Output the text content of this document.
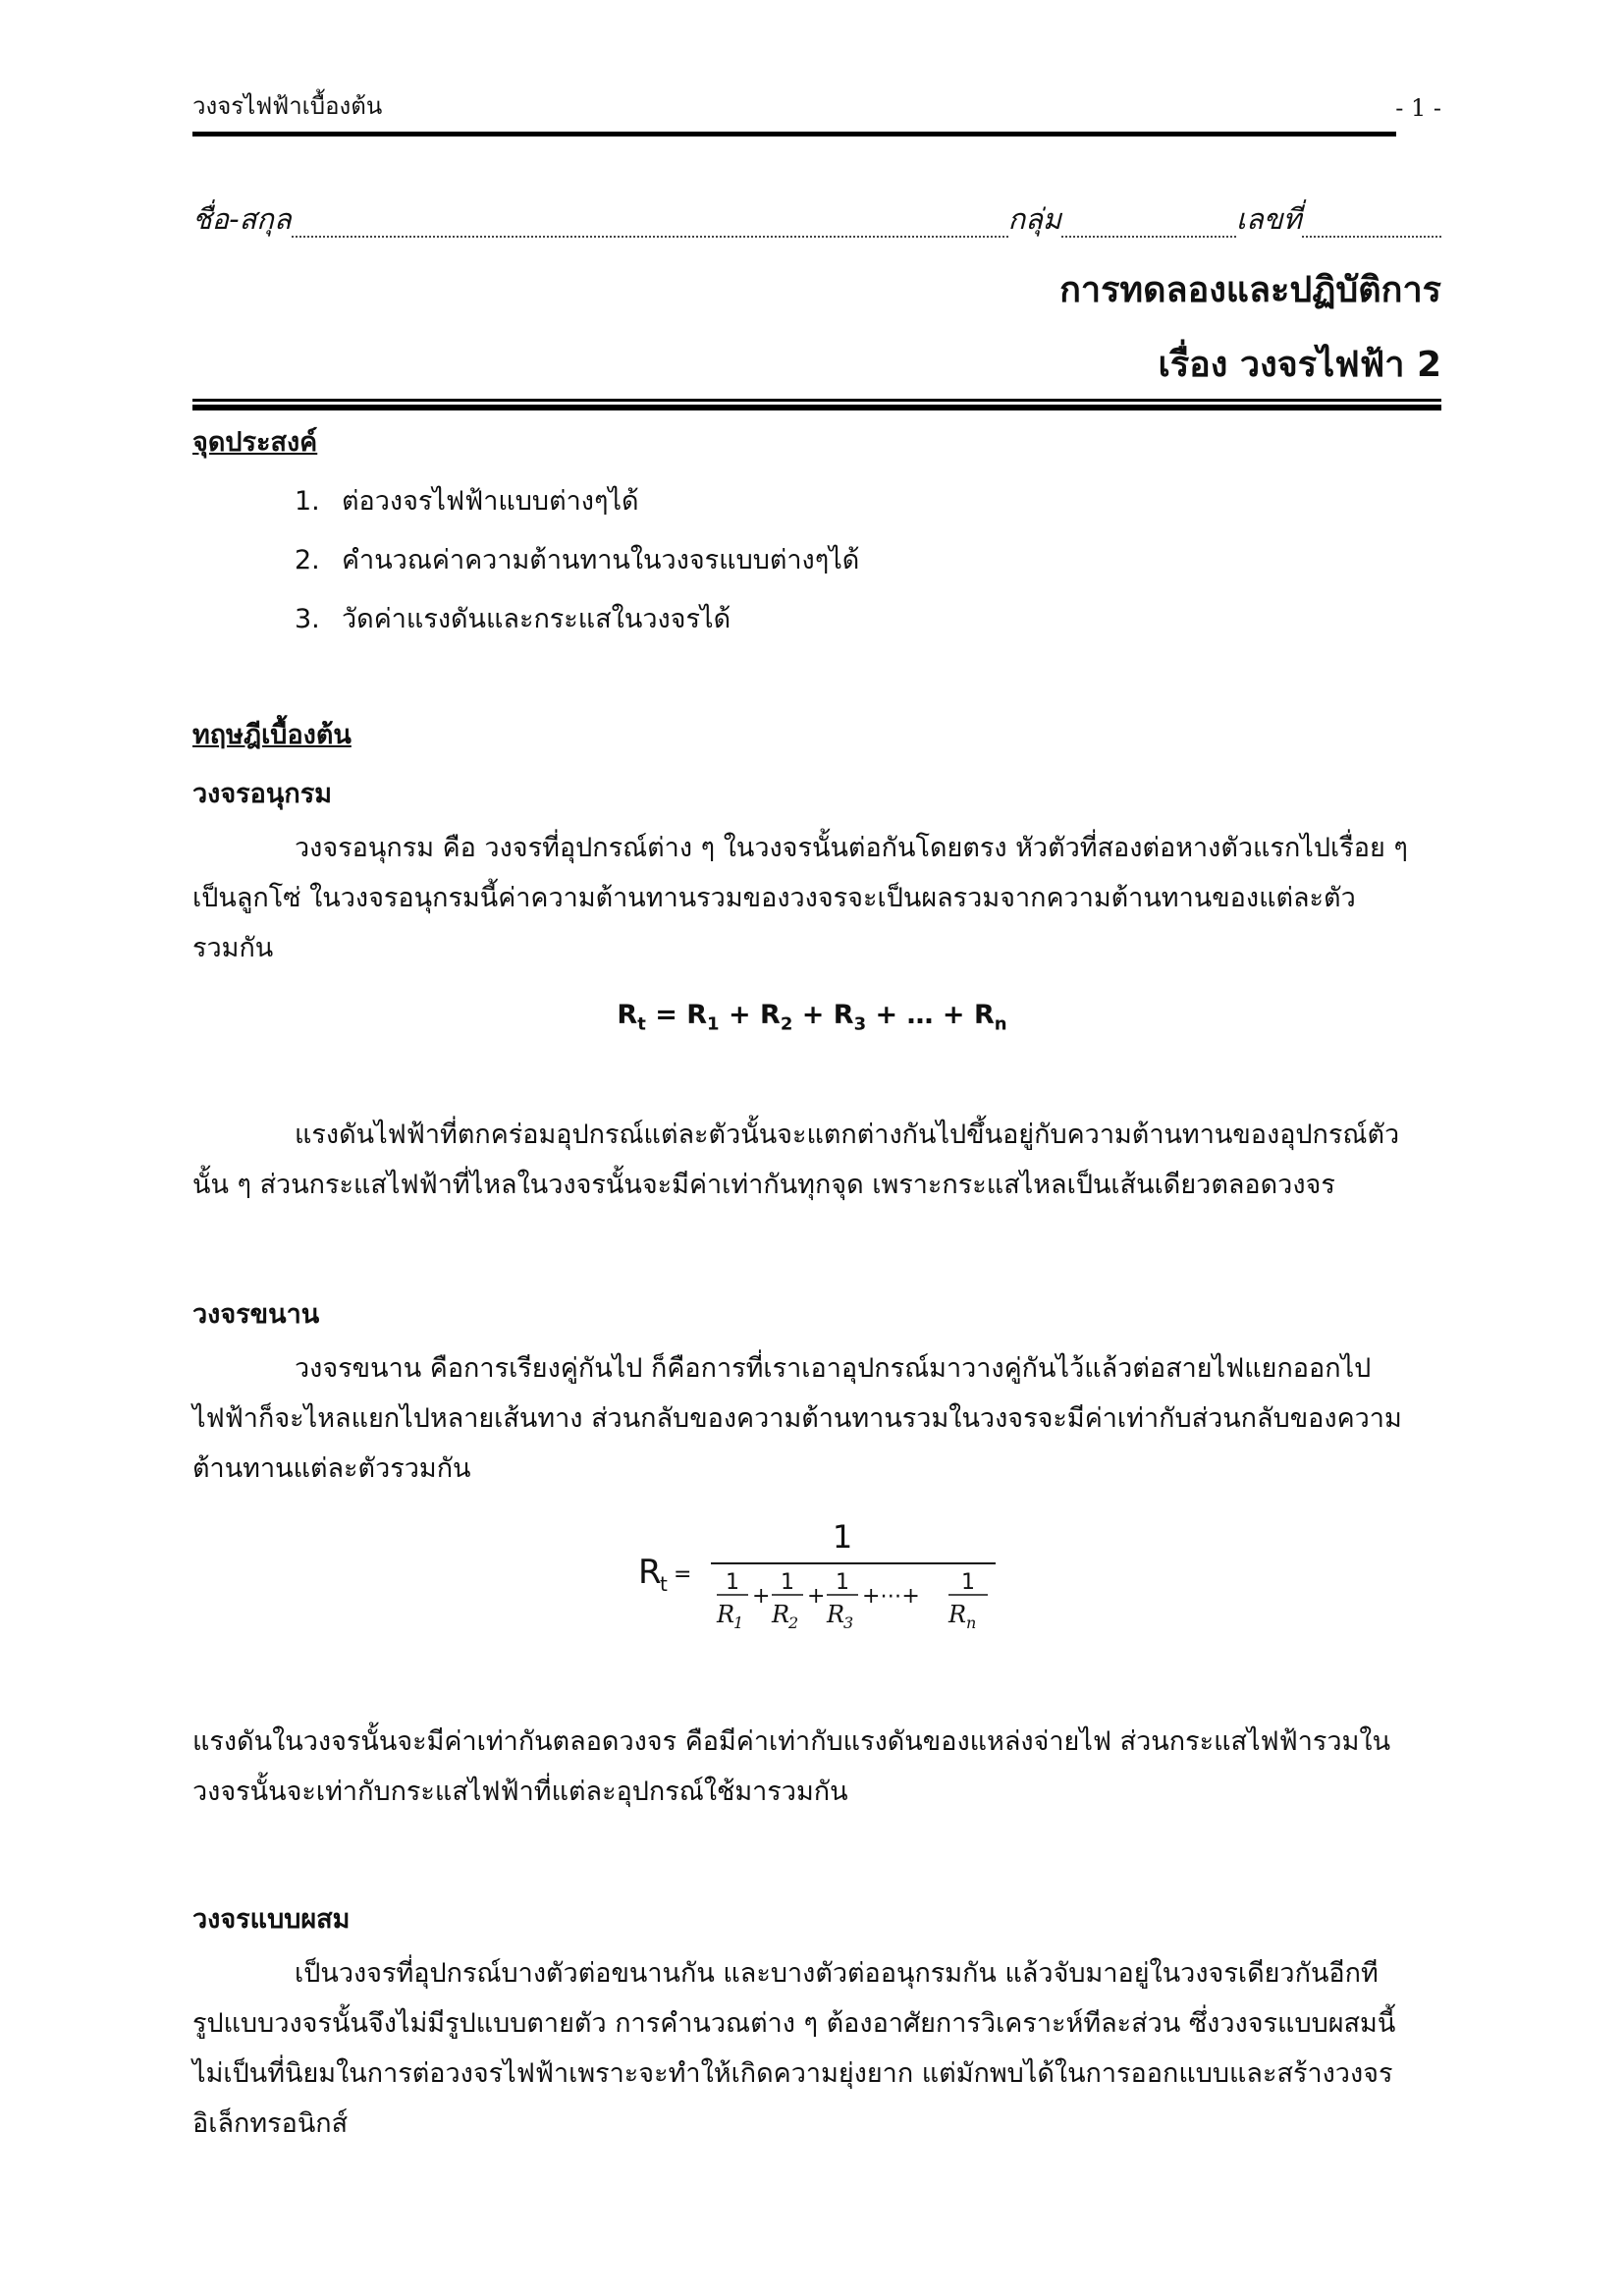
วงจรไฟฟ้าเบื้องต้น	- 1 -
ชื่อ-สกุล	กลุ่ม	เลขที่
การทดลองและปฏิบัติการ
เรื่อง วงจรไฟฟ้า 2
จุดประสงค์
1. ต่อวงจรไฟฟ้าแบบต่างๆได้
2. คำนวณค่าความต้านทานในวงจรแบบต่างๆได้
3. วัดค่าแรงดันและกระแสในวงจรได้
ทฤษฎีเบื้องต้น
วงจรอนุกรม
วงจรอนุกรม คือ วงจรที่อุปกรณ์ต่าง ๆ ในวงจรนั้นต่อกันโดยตรง หัวตัวที่สองต่อหางตัวแรกไปเรื่อย ๆ
เป็นลูกโซ่ ในวงจรอนุกรมนี้ค่าความต้านทานรวมของวงจรจะเป็นผลรวมจากความต้านทานของแต่ละตัว
รวมกัน
$R_t = R_1 + R_2 + R_3$ + … + $R_n$
แรงดันไฟฟ้าที่ตกคร่อมอุปกรณ์แต่ละตัวนั้นจะแตกต่างกันไปขึ้นอยู่กับความต้านทานของอุปกรณ์ตัว
นั้น ๆ ส่วนกระแสไฟฟ้าที่ไหลในวงจรนั้นจะมีค่าเท่ากันทุกจุด เพราะกระแสไหลเป็นเส้นเดียวตลอดวงจร
วงจรขนาน
วงจรขนาน คือการเรียงคู่กันไป ก็คือการที่เราเอาอุปกรณ์มาวางคู่กันไว้แล้วต่อสายไฟแยกออกไป
ไฟฟ้าก็จะไหลแยกไปหลายเส้นทาง ส่วนกลับของความต้านทานรวมในวงจรจะมีค่าเท่ากับส่วนกลับของความ
ต้านทานแต่ละตัวรวมกัน
R
t =
1
1
R
1
+
1
R
2
+
1
R
3
+⋯+
1
R n
แรงดันในวงจรนั้นจะมีค่าเท่ากันตลอดวงจร คือมีค่าเท่ากับแรงดันของแหล่งจ่ายไฟ ส่วนกระแสไฟฟ้ารวมใน
วงจรนั้นจะเท่ากับกระแสไฟฟ้าที่แต่ละอุปกรณ์ใช้มารวมกัน
วงจรแบบผสม
เป็นวงจรที่อุปกรณ์บางตัวต่อขนานกัน และบางตัวต่ออนุกรมกัน แล้วจับมาอยู่ในวงจรเดียวกันอีกที
รูปแบบวงจรนั้นจึงไม่มีรูปแบบตายตัว การคำนวณต่าง ๆ ต้องอาศัยการวิเคราะห์ทีละส่วน ซึ่งวงจรแบบผสมนี้
ไม่เป็นที่นิยมในการต่อวงจรไฟฟ้าเพราะจะทำให้เกิดความยุ่งยาก แต่มักพบได้ในการออกแบบและสร้างวงจร
อิเล็กทรอนิกส์
